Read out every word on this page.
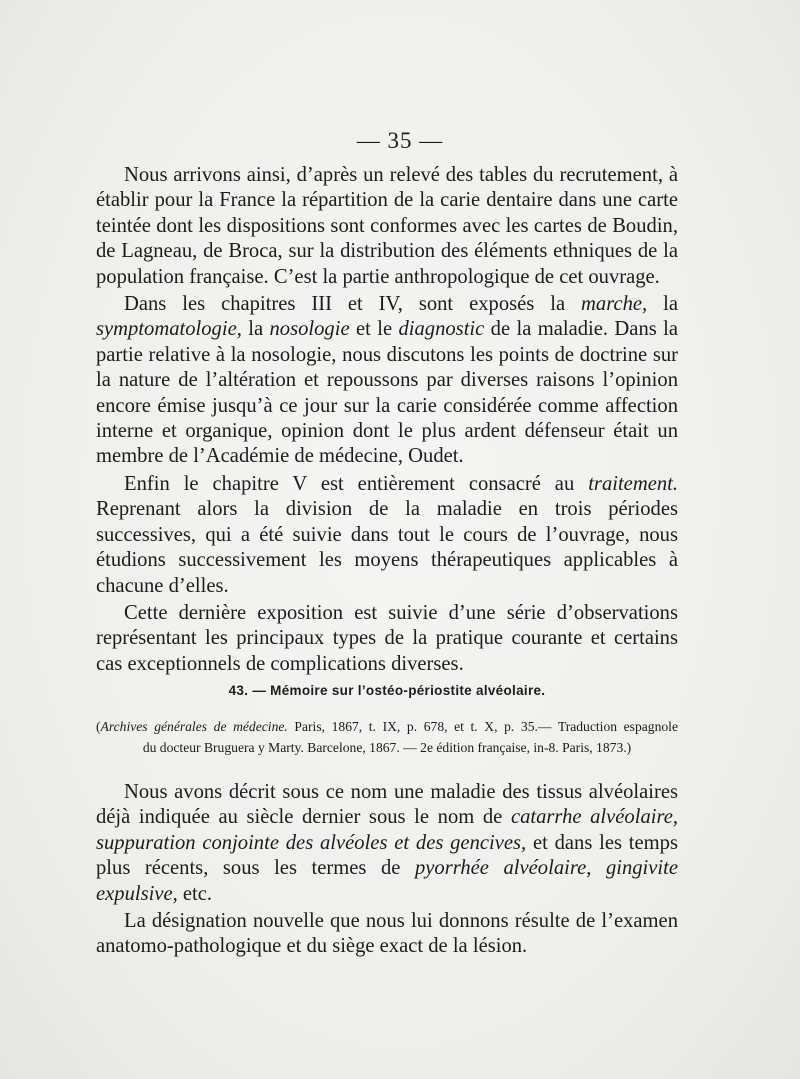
— 35 —

Nous arrivons ainsi, d’après un relevé des tables du recrutement, à établir pour la France la répartition de la carie dentaire dans une carte teintée dont les dispositions sont conformes avec les cartes de Boudin, de Lagneau, de Broca, sur la distribution des éléments ethniques de la population française. C’est la partie anthropologique de cet ouvrage.

Dans les chapitres III et IV, sont exposés la marche, la symptomatologie, la nosologie et le diagnostic de la maladie. Dans la partie relative à la nosologie, nous discutons les points de doctrine sur la nature de l’altération et repoussons par diverses raisons l’opinion encore émise jusqu’à ce jour sur la carie considérée comme affection interne et organique, opinion dont le plus ardent défenseur était un membre de l’Académie de médecine, Oudet.

Enfin le chapitre V est entièrement consacré au traitement. Reprenant alors la division de la maladie en trois périodes successives, qui a été suivie dans tout le cours de l’ouvrage, nous étudions successivement les moyens thérapeutiques applicables à chacune d’elles.

Cette dernière exposition est suivie d’une série d’observations représentant les principaux types de la pratique courante et certains cas exceptionnels de complications diverses.

43. — Mémoire sur l’ostéo-périostite alvéolaire.
(Archives générales de médecine. Paris, 1867, t. IX, p. 678, et t. X, p. 35.— Traduction espagnole
du docteur Bruguera y Marty. Barcelone, 1867. — 2e édition française, in-8. Paris, 1873.)

Nous avons décrit sous ce nom une maladie des tissus alvéolaires déjà indiquée au siècle dernier sous le nom de catarrhe alvéolaire, suppuration conjointe des alvéoles et des gencives, et dans les temps plus récents, sous les termes de pyorrhée alvéolaire, gingivite expulsive, etc.

La désignation nouvelle que nous lui donnons résulte de l’examen anatomo-pathologique et du siège exact de la lésion.
